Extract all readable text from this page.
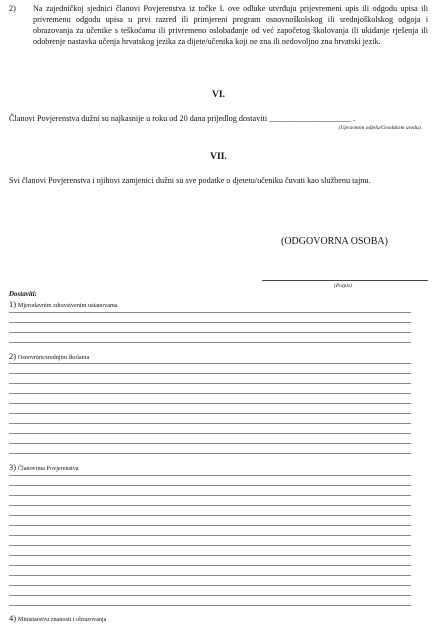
2) Na zajedničkoj sjednici članovi Povjerenstva iz točke I. ove odluke utvrđuju prijevremeni upis ili odgodu upisa ili privremenu odgodu upisa u prvi razred ili primjereni program osnovnoškolskog ili srednjoškolskog odgoja i obrazovanja za učenike s teškoćama ili privremeno oslobađanje od već započetog školovanja ili ukidanje rješenja ili odobrenje nastavka učenja hrvatskog jezika za dijete/učenika koji ne zna ili nedovoljno zna hrvatski jezik.
VI.
Članovi Povjerenstva dužni su najkasnije u roku od 20 dana prijedlog dostaviti ____________________ .
(Upravnom odjelu/Gradskom uredu).
VII.
Svi članovi Povjerenstva i njihovi zamjenici dužni su sve podatke o djetetu/učeniku čuvati kao službenu tajnu.
(ODGOVORNA OSOBA)
(Potpis)
Dostaviti:
1) Mjerodavnim zdravstvenim ustanovama
2) Osnovnim/srednjim školama
3) Članovima Povjerenstva
4) Ministarstvu znanosti i obrazovanja
